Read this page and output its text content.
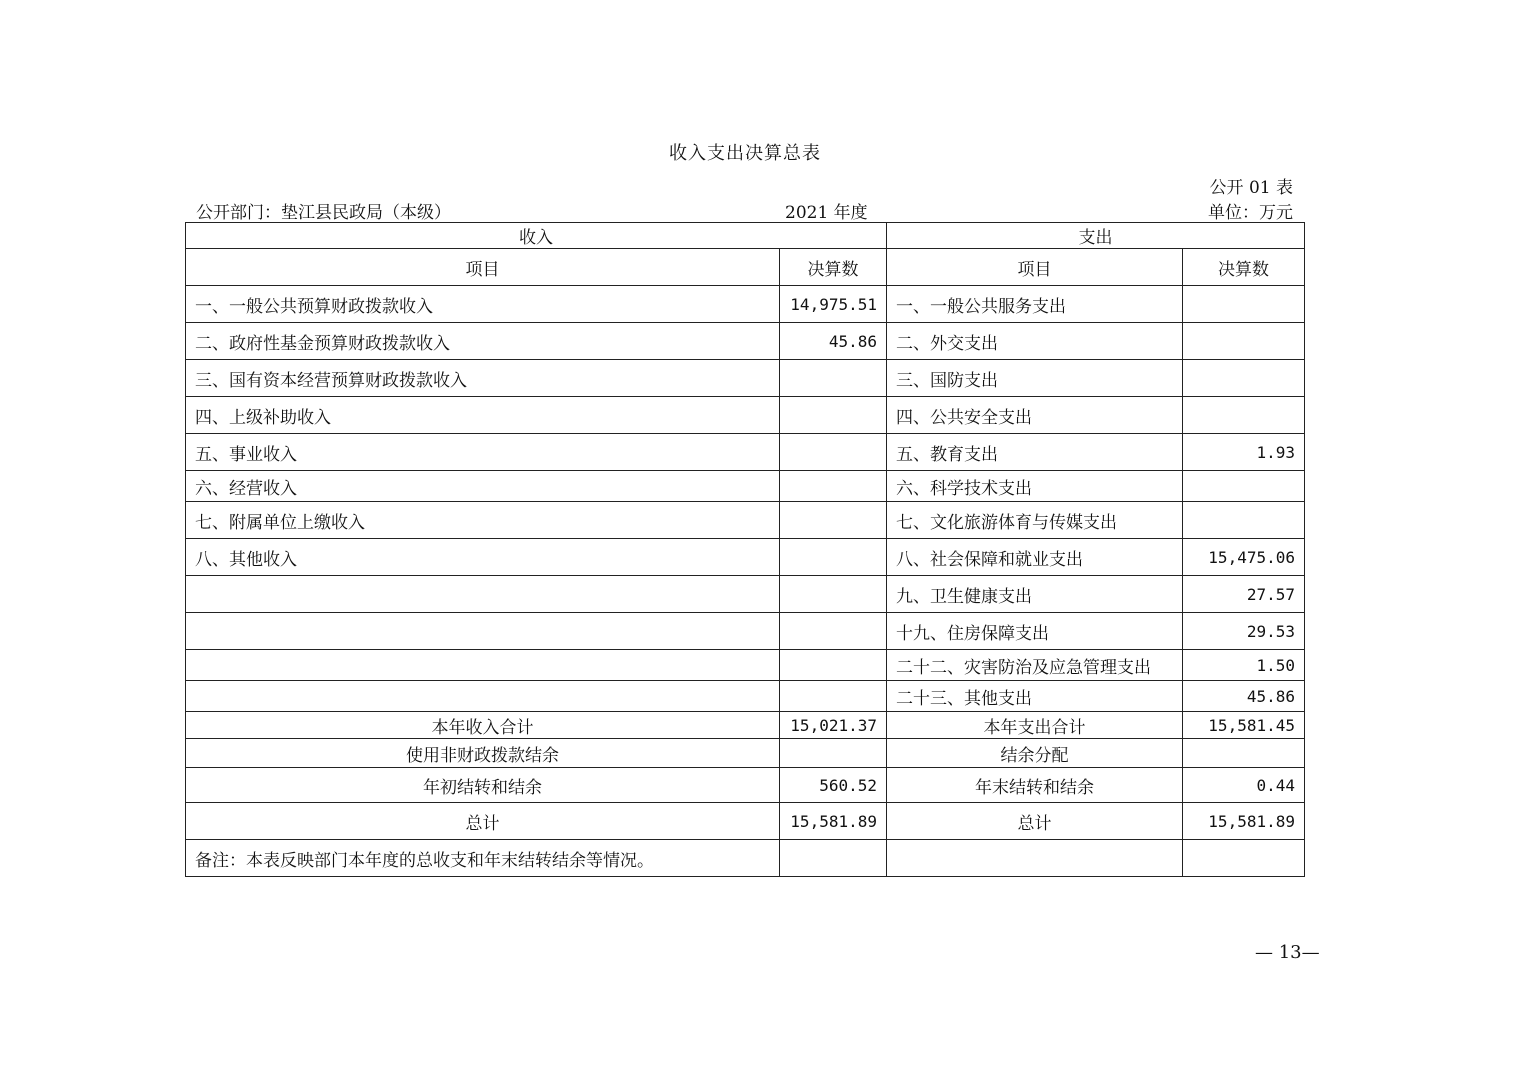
收入支出决算总表
公开 01 表
公开部门：垫江县民政局（本级）	2021 年度	单位：万元
收入		支出	
项目	决算数	项目	决算数
一、一般公共预算财政拨款收入	14,975.51	一、一般公共服务支出	
二、政府性基金预算财政拨款收入	45.86	二、外交支出	
三、国有资本经营预算财政拨款收入		三、国防支出	
四、上级补助收入		四、公共安全支出	
五、事业收入		五、教育支出	1.93
六、经营收入		六、科学技术支出	
七、附属单位上缴收入		七、文化旅游体育与传媒支出	
八、其他收入		八、社会保障和就业支出	15,475.06
		九、卫生健康支出	27.57
		十九、住房保障支出	29.53
		二十二、灾害防治及应急管理支出	1.50
		二十三、其他支出	45.86
本年收入合计	15,021.37	本年支出合计	15,581.45
使用非财政拨款结余		结余分配	
年初结转和结余	560.52	年末结转和结余	0.44
总计	15,581.89	总计	15,581.89
备注：本表反映部门本年度的总收支和年末结转结余等情况。			
— 13—
